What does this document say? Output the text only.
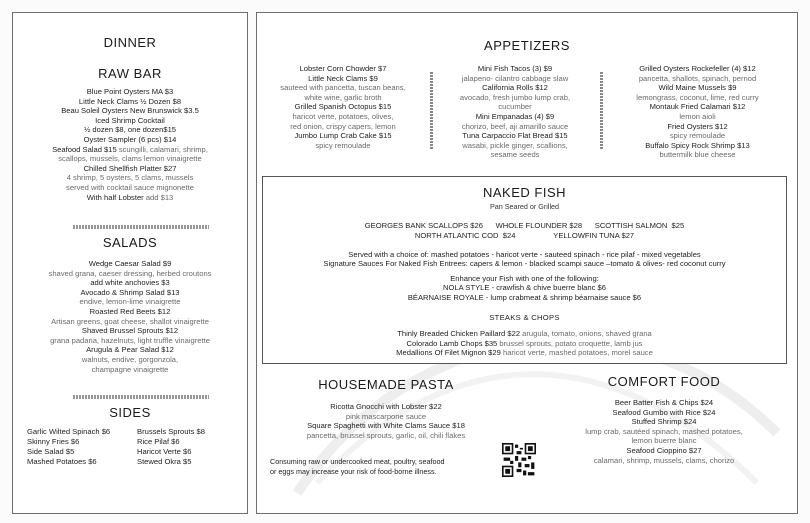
DINNER
RAW BAR
Blue Point Oysters MA $3
Little Neck Clams ½ Dozen $8
Beau Soleil Oysters New Brunswick $3.5
Iced Shrimp Cocktail
½ dozen $8, one dozen$15
Oyster Sampler (6 pcs) $14
Seafood Salad $15 scungilli, calamari, shrimp,
scallops, mussels, clams lemon vinaigrette
Chilled Shellfish Platter $27
4 shrimp, 5 oysters, 5 clams, mussels
served with cocktail sauce mignonette
With half Lobster add $13
SALADS
Wedge Caesar Salad $9
shaved grana, caeser dressing, herbed croutons
add white anchovies $3
Avocado & Shrimp Salad $13
endive, lemon-lime vinaigrette
Roasted Red Beets $12
Artisan greens, goat cheese, shallot vinaigrette
Shaved Brussel Sprouts $12
grana padana, hazelnuts, light truffle vinaigrette
Arugula & Pear Salad $12
walnuts, endive, gorgonzola,
champagne vinaigrette
SIDES
Garlic Wilted Spinach $6	Brussels Sprouts $8
Skinny Fries $6	Rice Pilaf $6
Side Salad $5	Haricot Verte $6
Mashed Potatoes $6	Stewed Okra $5
APPETIZERS
Lobster Corn Chowder $7
Little Neck Clams $9
sauteed with pancetta, tuscan beans,
white wine, garlic broth
Grilled Spanish Octopus $15
haricot verte, potatoes, olives,
red onion, crispy capers, lemon
Jumbo Lump Crab Cake $15
spicy remoulade
Mini Fish Tacos (3) $9
jalapeno- cilantro cabbage slaw
California Rolls $12
avocado, fresh jumbo lump crab,
cucumber
Mini Empanadas (4) $9
chorizo, beef, aji amarillo sauce
Tuna Carpaccio Flat Bread $15
wasabi, pickle ginger, scallions,
sesame seeds
Grilled Oysters Rockefeller (4) $12
pancetta, shallots, spinach, pernod
Wild Maine Mussels $9
lemongrass, coconut, lime, red curry
Montauk Fried Calamari $12
lemon aioli
Fried Oysters $12
spicy remoulade
Buffalo Spicy Rock Shrimp $13
buttermilk blue cheese
NAKED FISH
Pan Seared or Grilled
GEORGES BANK SCALLOPS $26      WHOLE FLOUNDER $28      SCOTTISH SALMON  $25
NORTH ATLANTIC COD  $24                  YELLOWFIN TUNA $27
Served with a choice of: mashed potatoes - haricot verte - sauteed spinach - rice pilaf - mixed vegetables
Signature Sauces For Naked Fish Entrees: capers & lemon - blacked scampi sauce –tomato & olives- red coconut curry
Enhance your Fish with one of the following:
NOLA STYLE - crawfish & chive buerre blanc $6
BÉARNAISE ROYALE - lump crabmeat & shrimp béarnaise sauce $6
STEAKS & CHOPS
Thinly Breaded Chicken Paillard $22 arugula, tomato, onions, shaved grana
Colorado Lamb Chops $35 brussel sprouts, potato croquette, lamb jus
Medallions Of Filet Mignon $29 haricot verte, mashed potatoes, morel sauce
HOUSEMADE PASTA
Ricotta Gnocchi with Lobster $22
pink mascarpone sauce
Square Spaghetti with White Clams Sauce $18
pancetta, brussel sprouts, garlic, oil, chili flakes
Consuming raw or undercooked meat, poultry, seafood
or eggs may increase your risk of food-borne illness.
COMFORT FOOD
Beer Batter Fish & Chips $24
Seafood Gumbo with Rice $24
Stuffed Shrimp $24
lump crab, sautéed spinach, mashed potatoes,
lemon buerre blanc
Seafood Cioppino $27
calamari, shrimp, mussels, clams, chorizo
